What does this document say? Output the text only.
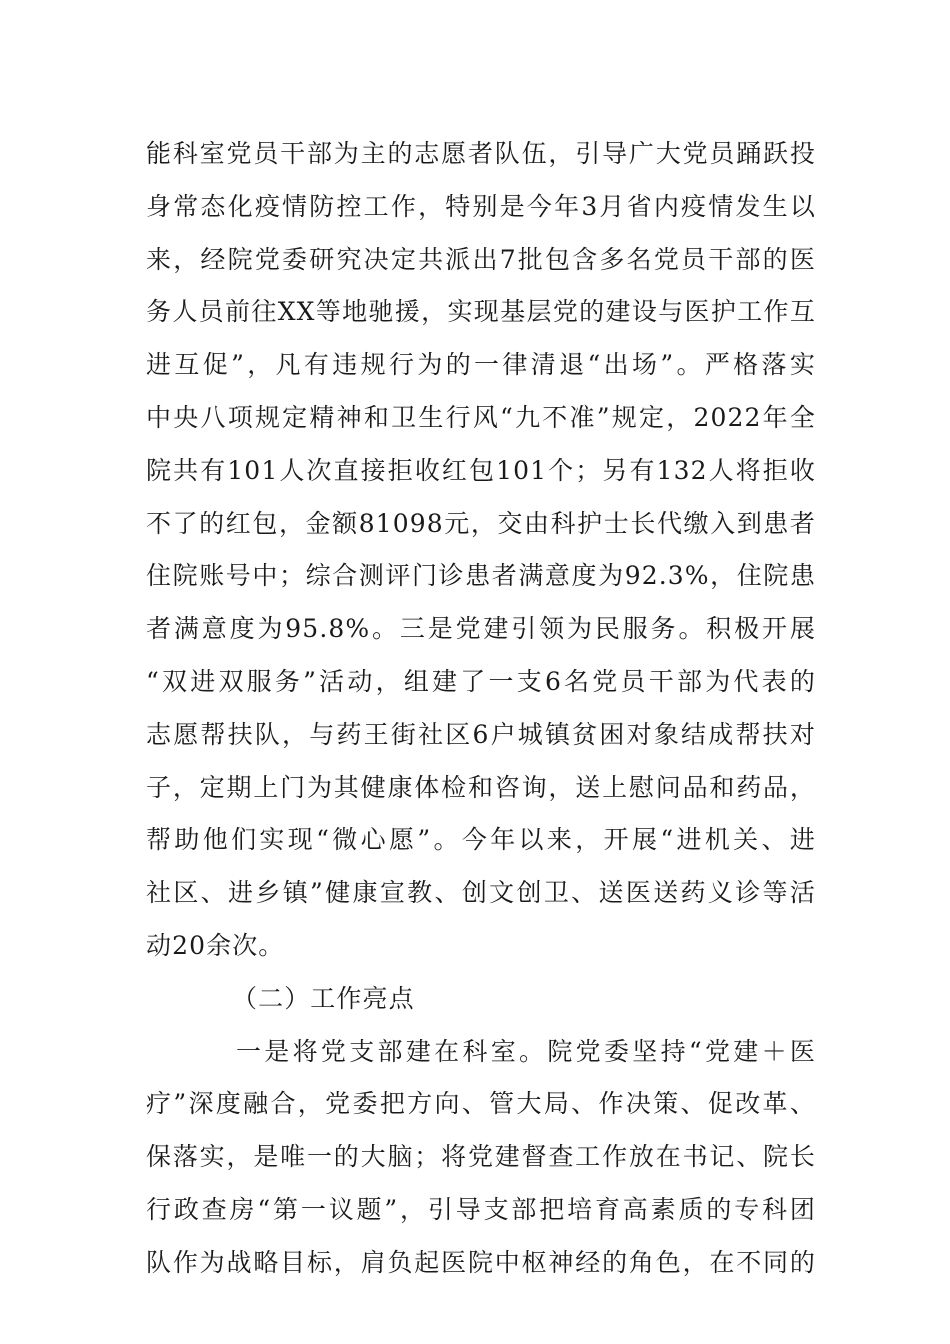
能科室党员干部为主的志愿者队伍，引导广大党员踊跃投
身常态化疫情防控工作，特别是今年3月省内疫情发生以
来，经院党委研究决定共派出7批包含多名党员干部的医
务人员前往XX等地驰援，实现基层党的建设与医护工作互
进互促”，凡有违规行为的一律清退“出场”。严格落实
中央八项规定精神和卫生行风“九不准”规定，2022年全
院共有101人次直接拒收红包101个；另有132人将拒收
不了的红包，金额81098元，交由科护士长代缴入到患者
住院账号中；综合测评门诊患者满意度为92.3%，住院患
者满意度为95.8%。三是党建引领为民服务。积极开展
“双进双服务”活动，组建了一支6名党员干部为代表的
志愿帮扶队，与药王街社区6户城镇贫困对象结成帮扶对
子，定期上门为其健康体检和咨询，送上慰问品和药品，
帮助他们实现“微心愿”。今年以来，开展“进机关、进
社区、进乡镇”健康宣教、创文创卫、送医送药义诊等活
动20余次。
（二）工作亮点
一是将党支部建在科室。院党委坚持“党建＋医
疗”深度融合，党委把方向、管大局、作决策、促改革、
保落实，是唯一的大脑；将党建督查工作放在书记、院长
行政查房“第一议题”，引导支部把培育高素质的专科团
队作为战略目标，肩负起医院中枢神经的角色，在不同的
